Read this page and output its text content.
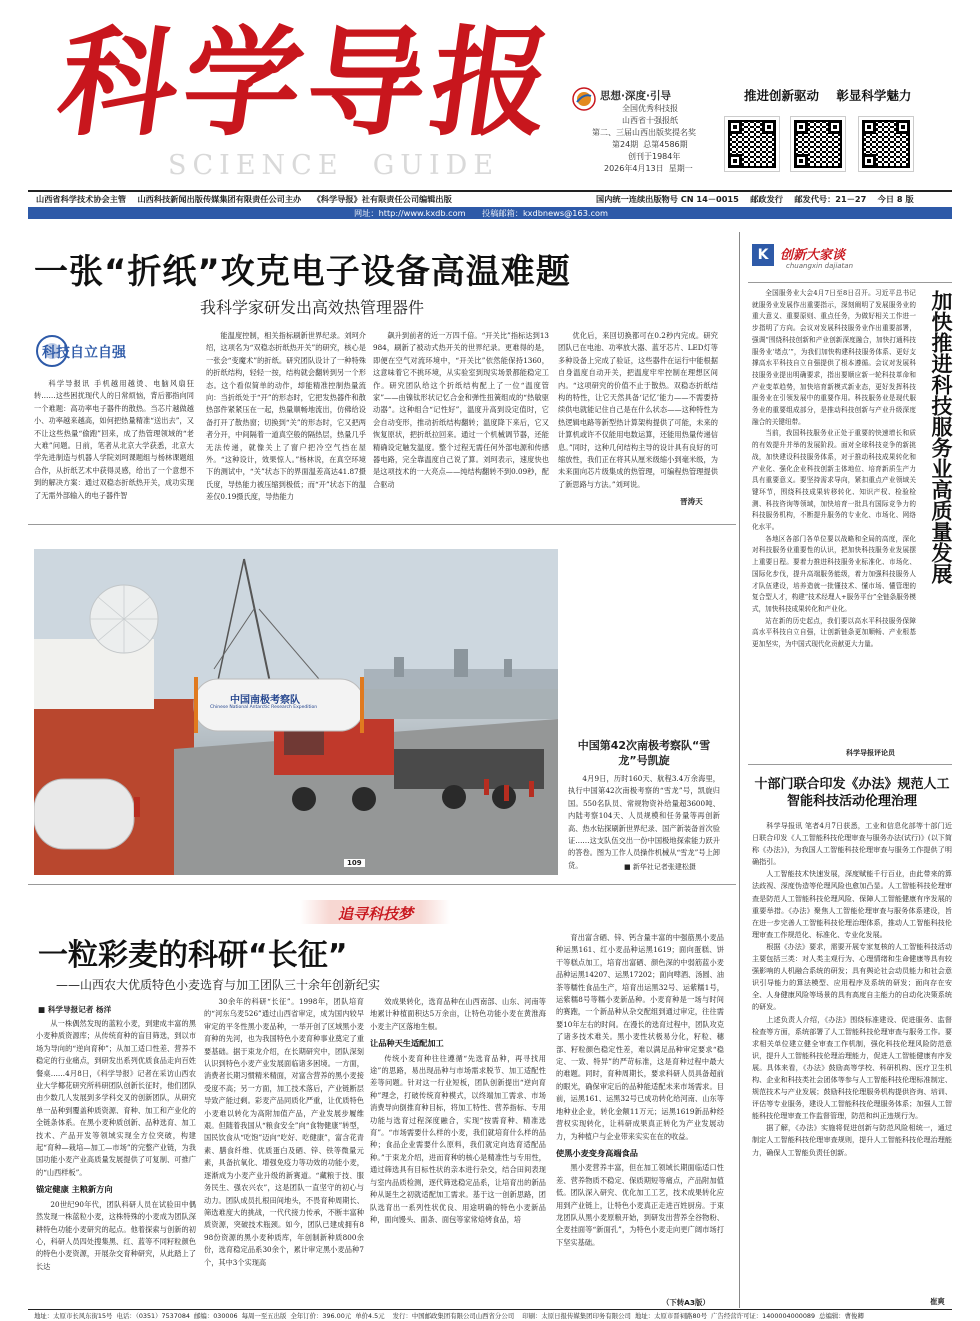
科学导报
SCIENCE  GUIDE
思想·深度·引导
全国优秀科技报
山西省十强报纸
第二、三届山西出版奖提名奖
第24期  总第4586期
创刊于1984年
2026年4月13日  星期一
推进创新驱动    彰显科学魅力
山西省科学技术协会主管    山西科技新闻出版传媒集团有限责任公司主办    《科学导报》社有限责任公司编辑出版	国内统一连续出版物号 CN 14－0015    邮政发行    邮发代号：21－27    今日 8 版
网址：http://www.kxdb.com 投稿邮箱：kxdbnews@163.com
一张“折纸”攻克电子设备高温难题
我科学家研发出高效热管理器件
科技自立自强

科学导报讯 手机越用越烫、电脑风扇狂转……这些困扰现代人的日常烦恼，背后都指向同一个难题：高功率电子器件的散热。当芯片越做越小、功率越来越高，如何把热量精准“送出去”，又不让这些热量“偷跑”回来，成了热管理领域的“老大难”问题。日前，笔者从北京大学获悉，北京大学先进制造与机器人学院刘珂课题组与杨林课题组合作，从折纸艺术中获得灵感，给出了一个意想不到的解决方案：通过双稳态折纸热开关，成功实现了无需外部输入的电子器件智

能温度控制，相关指标刷新世界纪录。刘珂介绍，这项名为“双稳态折纸热开关”的研究，核心是一张会“变魔术”的折纸。研究团队设计了一种特殊的折纸结构，轻轻一按，结构就会翻转到另一个形态。这个看似简单的动作，却能精准控制热量流向：当折纸处于“开”的形态时，它把发热器件和散热部件紧紧压在一起，热量顺畅地流出，仿佛给设备打开了散热窗；切换到“关”的形态时，它又把两者分开，中间隔着一道真空般的隔热层，热量几乎无法传递，就像关上了窗户把冷空气挡在屋外。“这种设计，效果惊人。”杨林说，在真空环境下的测试中，“关”状态下的界面温差高达41.87摄氏度，导热能力被压缩到极低；而“开”状态下的温差仅0.19摄氏度，导热能力

飙升到前者的近一万四千倍。“开关比”指标达到13984，刷新了被动式热开关的世界纪录。更难得的是，即便在空气对流环境中，“开关比”依然能保持1360，这意味着它不挑环境，从实验室到现实场景都能稳定工作。研究团队给这个折纸结构配上了一位“温度管家”——由镍钛形状记忆合金和弹性扭簧组成的“热敏驱动器”。这种组合“记性好”，温度升高到设定值时，它会自动变形，推动折纸结构翻转；温度降下来后，它又恢复原状，把折纸拉回来。通过一个机械调节器，还能精确设定触发温度。整个过程无需任何外部电源和传感器电路，完全靠温度自己说了算。刘珂表示，速度快也是这项技术的一大亮点——纯结构翻转不到0.09秒，配合驱动

优化后，来回切换都可在0.2秒内完成。研究团队已在电池、功率放大器、蓝牙芯片、LED灯等多种设备上完成了验证，这些器件在运行中能根据自身温度自动开关，把温度牢牢控制在理想区间内。“这项研究的价值不止于散热。双稳态折纸结构的特性，让它天然具备‘记忆’能力——不需要持续供电就能记住自己是在什么状态——这种特性为热逻辑电路等新型热计算架构提供了可能，未来的计算机或许不仅能用电数运算，还能用热量传递信息。”同时，这种几何结构主导的设计具有良好的可缩放性，我们正在将其从厘米级缩小到毫米级，为未来面向芯片级集成的热管理，可编程热管理提供了新思路与方法。”刘珂说。

晋涛天
中国南极考察队
Chinese National Antarctic Research Expedition
109
中国第42次南极考察队“雪龙”号凯旋

4月9日，历时160天、航程3.4万余海里，执行中国第42次南极考察的“雪龙”号，凯旋归国。550名队员、常规物资补给量超3600吨、内陆考察104天、人员规模和任务量等再创新高、热水钻探刷新世界纪录、国产新装备首次验证……这支队伍交出一份中国极地探索能力跃升的答卷。图为工作人员操作机械从“雪龙”号上卸货。	■ 新华社记者张建松摄
追寻科技梦
一粒彩麦的科研“长征”
——山西农大优质特色小麦选育与加工团队三十余年创新纪实
■ 科学导报记者 杨洋

从一株偶然发现的蓝粒小麦，到建成丰富的黑小麦种质资源库；从传统育种的盲目筛选，到以市场为导向的“逆向育种”；从加工适口性差、营养不稳定的行业痛点，到研发出系列优质食品走向百姓餐桌……4月8日，《科学导报》记者在采访山西农业大学椰花研究所科研团队创新长征时，他们团队由少数几人发展到多学科交叉的创新团队，从研究单一品种到覆盖种质资源、育种、加工和产业化的全链条体系。在黑小麦种质创新、品种选育、加工技术、产品开发等领域实现全方位突破，构建起“育种—栽培—加工—市场”的完整产业链，为我国功能小麦产业高质量发展提供了可复制、可推广的“山西样板”。

锚定健康 主粮新方向

20世纪90年代，团队科研人员在试验田中偶然发现一株蓝粒小麦，这株特殊的小麦成为团队深耕特色功能小麦研究的起点。他着探索与创新的初心，科研人员四处搜集黑、红、蓝等不同籽粒颜色的特色小麦资源，开展杂交育种研究，从此踏上了长达

30余年的科研“长征”。1998年，团队培育的“河东乌麦526”通过山西省审定，成为国内较早审定的平冬性黑小麦品种，一举开创了区域黑小麦育种的先河，也为我国特色小麦育种事业奠定了重要基础。据于束龙介绍，在长期研究中，团队深刻认识到特色小麦产业发展面临诸多困境。一方面，消费者长期习惯精米精面，对富含营养的黑小麦接受度不高；另一方面，加工技术落后，产业链断层导致产能过剩。彩麦产品同质化严重，让优质特色小麦难以转化为高附加值产品，产业发展步履维艰。但随着我国从“粮食安全”向“食物健康”转型，国民饮食从“吃饱”迈向“吃好、吃健康”，富含花青素、膳食纤维、优质蛋白及硒、锌、铁等微量元素，具备抗氧化、增强免疫力等功效的功能小麦，逐渐成为小麦产业升级的新赛道。“藏粮于技、服务民生、强农兴农”，这是团队一直坚守的初心与动力。团队成员扎根田间地头，不畏育种周期长、筛选难度大的挑战，一代代接力传承，不断丰富种质资源，突破技术瓶颈。如今，团队已建成拥有898份资源的黑小麦种质库，年创制新种质800余份，选育稳定品系30余个，累计审定黑小麦品种7个，其中3个实现高

效成果转化，选育品种在山西南部、山东、河南等地累计种植面积达5万余亩，让特色功能小麦在黄淮海小麦主产区落地生根。

让品种天生适配加工

传统小麦育种往往遵循“先选育品种，再寻找用途”的思路，易出现品种与市场需求脱节、加工适配性差等问题。针对这一行业短板，团队创新提出“逆向育种”理念，打破传统育种模式，以终端加工需求、市场消费导向倒推育种目标，将加工特性、营养指标、专用功能与选育过程深度融合，实现“按需育种、精准选育”。“市场需要什么样的小麦，我们就培育什么样的品种；食品企业需要什么原料，我们就定向选育适配品种。”于束龙介绍，进而育种的核心是精准性与专用性，通过筛选具有目标性状的亲本进行杂交，结合田间表现与室内品质检测，逐代筛选稳定品系，让培育出的新品种从诞生之初就适配加工需求。基于这一创新思路，团队选育出一系列性状优良、用途明确的特色小麦新品种，面向馒头、面条、面包等家常焙烤食品，培

育出富含硒、锌、钙含量丰富的中强筋黑小麦品种运黑161、红小麦品种运黑1619；面向蛋糕、饼干等糕点加工，培育出富硒、颜色深的中弱筋蓝小麦品种运黑14207、运黑17202；面向啤酒、汤圆、油茶等糯性食品生产，培育出运黑32号、运紫糯1号，运紫糯8号等糯小麦新品种。小麦育种是一场与时间的赛跑，一个新品种从杂交配组到通过审定，往往需要10年左右的时间。在漫长的选育过程中，团队攻克了诸多技术难关。黑小麦性状极易分化，籽粒、穗部、籽粒颜色稳定性差，难以满足品种审定要求“稳定、一致、特异”的严苛标准，这是育种过程中最大的难题。同时，育种周期长，要求科研人员具备超前的眼光，确保审定后的品种能适配未来市场需求。目前，运黑161、运黑32号已成功转化给河南、山东等地种业企业，转化金额11万元；运黑1619新品种经营权实现转化，让科研成果真正转化为产业发展动力，为种植户与企业带来实实在在的收益。

使黑小麦变身高端食品

黑小麦营养丰富，但在加工领域长期面临适口性差、营养物质不稳定、保质期短等痛点，产品附加值低。团队深入研究、优化加工工艺，技术成果转化应用到产业链上，让特色小麦真正走进百姓厨房。于束龙团队从黑小麦原粮开始，到研发出营养全谷物粉、全麦挂面等“新面孔”，为特色小麦走向更广阔市场打下坚实基础。

（下转A3版）
K 创新大家谈
chuangxin dajiatan

全国服务业大会4月7日至8日召开。习近平总书记就服务业发展作出重要指示，深刻阐明了发展服务业的重大意义、重要原则、重点任务，为做好相关工作进一步指明了方向。会议对发展科技服务业作出重要部署，强调“围绕科技创新和产业创新深度融合，加快打通科技服务业‘堵点’”，为我们加快构建科技服务体系、更好支撑高水平科技自立自强提供了根本遵循。会议对发展科技服务业提出明确要求，指出要顺应新一轮科技革命和产业变革趋势，加快培育新模式新业态，更好发挥科技服务业在引领发展中的重要作用。科技服务业是现代服务业的重要组成部分，是推动科技创新与产业升级深度融合的关键纽带。

当前，我国科技服务业正处于重要的快速增长和质的有效提升并举的发展阶段。面对全球科技竞争的新挑战，加快建设科技服务体系，对于推动科技成果转化和产业化、强化企业科技创新主体地位、培育新质生产力具有重要意义。要坚持需求导向，紧扣重点产业领域关键环节，围绕科技成果转移转化、知识产权、检验检测、科技咨询等领域，加快培育一批具有国际竞争力的科技服务机构，不断提升服务的专业化、市场化、网络化水平。

各地区各部门各单位要以战略和全局的高度，深化对科技服务业重要性的认识，把加快科技服务业发展摆上重要日程。要着力推进科技服务业标准化、市场化、国际化步伐，提升高端服务能级，着力加强科技服务人才队伍建设，培养造就一批懂技术、懂市场、懂管理的复合型人才，构建“技术经理人+服务平台”全链条服务模式，加快科技成果转化和产业化。

站在新的历史起点，我们要以高水平科技服务保障高水平科技自立自强，让创新链条更加顺畅、产业根基更加坚实，为中国式现代化贡献更大力量。

科学导报评论员
加快推进科技服务业高质量发展
十部门联合印发《办法》规范人工智能科技活动伦理治理

科学导报讯 笔者4月7日获悉，工业和信息化部等十部门近日联合印发《人工智能科技伦理审查与服务办法(试行)》(以下简称《办法》)，为我国人工智能科技伦理审查与服务工作提供了明确指引。

人工智能技术快速发展，深度赋能千行百业，由此带来的算法歧视、深度伪造等伦理风险也愈加凸显。人工智能科技伦理审查是防范人工智能科技伦理风险、保障人工智能健康有序发展的重要举措。《办法》聚焦人工智能伦理审查与服务体系建设，旨在进一步完善人工智能科技伦理治理体系，推动人工智能科技伦理审查工作规范化、标准化、专业化发展。

根据《办法》要求，需要开展专家复核的人工智能科技活动主要包括三类：对人类主观行为、心理情绪和生命健康等具有较强影响的人机融合系统的研发；具有舆论社会动员能力和社会意识引导能力的算法模型、应用程序及系统的研发；面向存在安全、人身健康风险等场景的具有高度自主能力的自动化决策系统的研发。

上述负责人介绍，《办法》围绕标准建设、促进服务、监督检查等方面，系统部署了人工智能科技伦理审查与服务工作。要求相关单位建立健全审查工作机制，强化科技伦理风险防范意识，提升人工智能科技伦理治理能力，促进人工智能健康有序发展。具体来看，《办法》鼓励高等学校、科研机构、医疗卫生机构、企业和科技类社会团体等参与人工智能科技伦理标准制定、规范技术与产业发展；鼓励科技伦理服务机构提供咨询、培训、评估等专业服务，建设人工智能科技伦理服务体系；加强人工智能科技伦理审查工作监督管理，防范和纠正违规行为。

据了解，《办法》实施将促进创新与防范风险相统一，通过制定人工智能科技伦理审查规则，提升人工智能科技伦理治理能力，确保人工智能负责任创新。

崔爽
地址：太原市长风东街15号  电话：（0351）7537084  邮编：030006  每周一至五出版  全年订价：396.00元  单价4.5元    发行：中国邮政集团有限公司山西省分公司    印刷：太原日报传媒集团印务有限公司  地址：太原市晋祠路80号  广告经营许可证：1400004000089  总编辑：曹俊卿
